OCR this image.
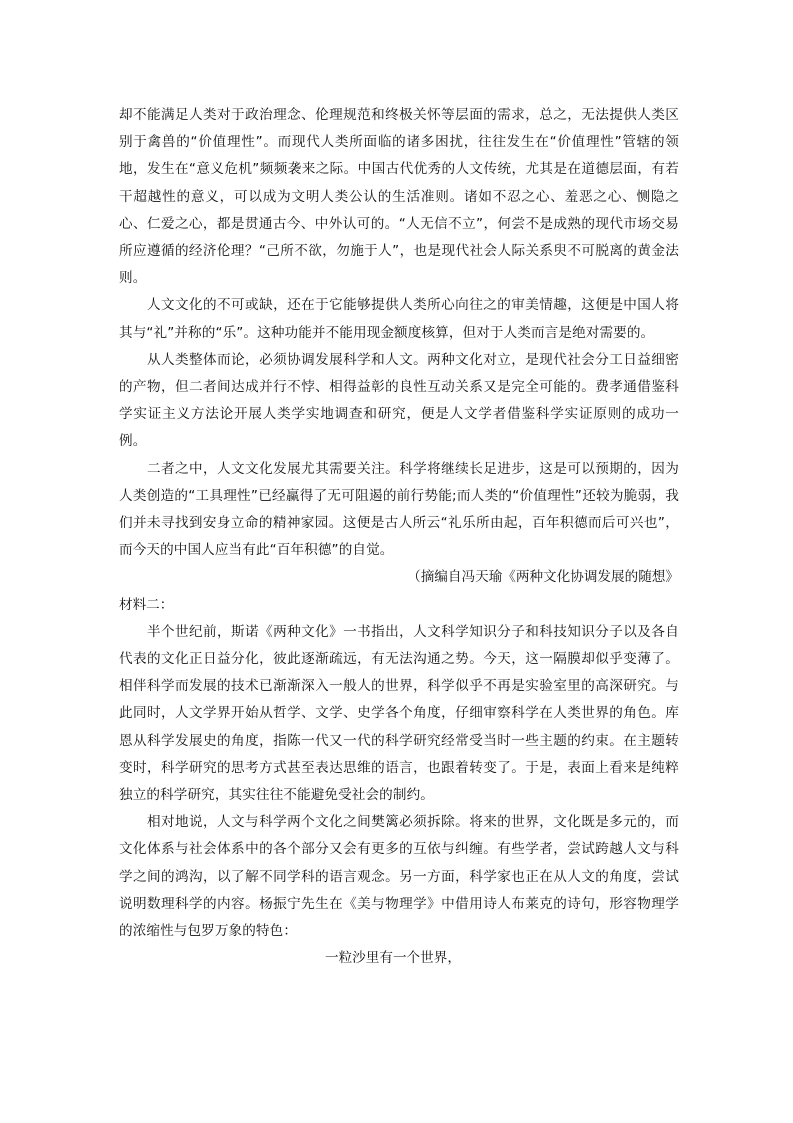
却不能满足人类对于政治理念、伦理规范和终极关怀等层面的需求，总之，无法提供人类区别于禽兽的“价值理性”。而现代人类所面临的诸多困扰，往往发生在“价值理性”管辖的领地，发生在“意义危机”频频袭来之际。中国古代优秀的人文传统，尤其是在道德层面，有若干超越性的意义，可以成为文明人类公认的生活准则。诸如不忍之心、羞恶之心、恻隐之心、仁爱之心，都是贯通古今、中外认可的。“人无信不立”，何尝不是成熟的现代市场交易所应遵循的经济伦理？“己所不欲，勿施于人”，也是现代社会人际关系臾不可脱离的黄金法则。

人文文化的不可或缺，还在于它能够提供人类所心向往之的审美情趣，这便是中国人将其与“礼”并称的“乐”。这种功能并不能用现金额度核算，但对于人类而言是绝对需要的。

从人类整体而论，必须协调发展科学和人文。两种文化对立，是现代社会分工日益细密的产物，但二者间达成并行不悖、相得益彰的良性互动关系又是完全可能的。费孝通借鉴科学实证主义方法论开展人类学实地调查和研究，便是人文学者借鉴科学实证原则的成功一例。

二者之中，人文文化发展尤其需要关注。科学将继续长足进步，这是可以预期的，因为人类创造的“工具理性”已经赢得了无可阻遏的前行势能;而人类的“价值理性”还较为脆弱，我们并未寻找到安身立命的精神家园。这便是古人所云“礼乐所由起，百年积德而后可兴也”，而今天的中国人应当有此“百年积德”的自觉。

（摘编自冯天瑜《两种文化协调发展的随想》

材料二：

半个世纪前，斯诺《两种文化》一书指出，人文科学知识分子和科技知识分子以及各自代表的文化正日益分化，彼此逐渐疏远，有无法沟通之势。今天，这一隔膜却似乎变薄了。相伴科学而发展的技术已渐渐深入一般人的世界，科学似乎不再是实验室里的高深研究。与此同时，人文学界开始从哲学、文学、史学各个角度，仔细审察科学在人类世界的角色。库恩从科学发展史的角度，指陈一代又一代的科学研究经常受当时一些主题的约束。在主题转变时，科学研究的思考方式甚至表达思维的语言，也跟着转变了。于是，表面上看来是纯粹独立的科学研究，其实往往不能避免受社会的制约。

相对地说，人文与科学两个文化之间樊篱必须拆除。将来的世界，文化既是多元的，而文化体系与社会体系中的各个部分又会有更多的互依与纠缠。有些学者，尝试跨越人文与科学之间的鸿沟，以了解不同学科的语言观念。另一方面，科学家也正在从人文的角度，尝试说明数理科学的内容。杨振宁先生在《美与物理学》中借用诗人布莱克的诗句，形容物理学的浓缩性与包罗万象的特色：

一粒沙里有一个世界，
